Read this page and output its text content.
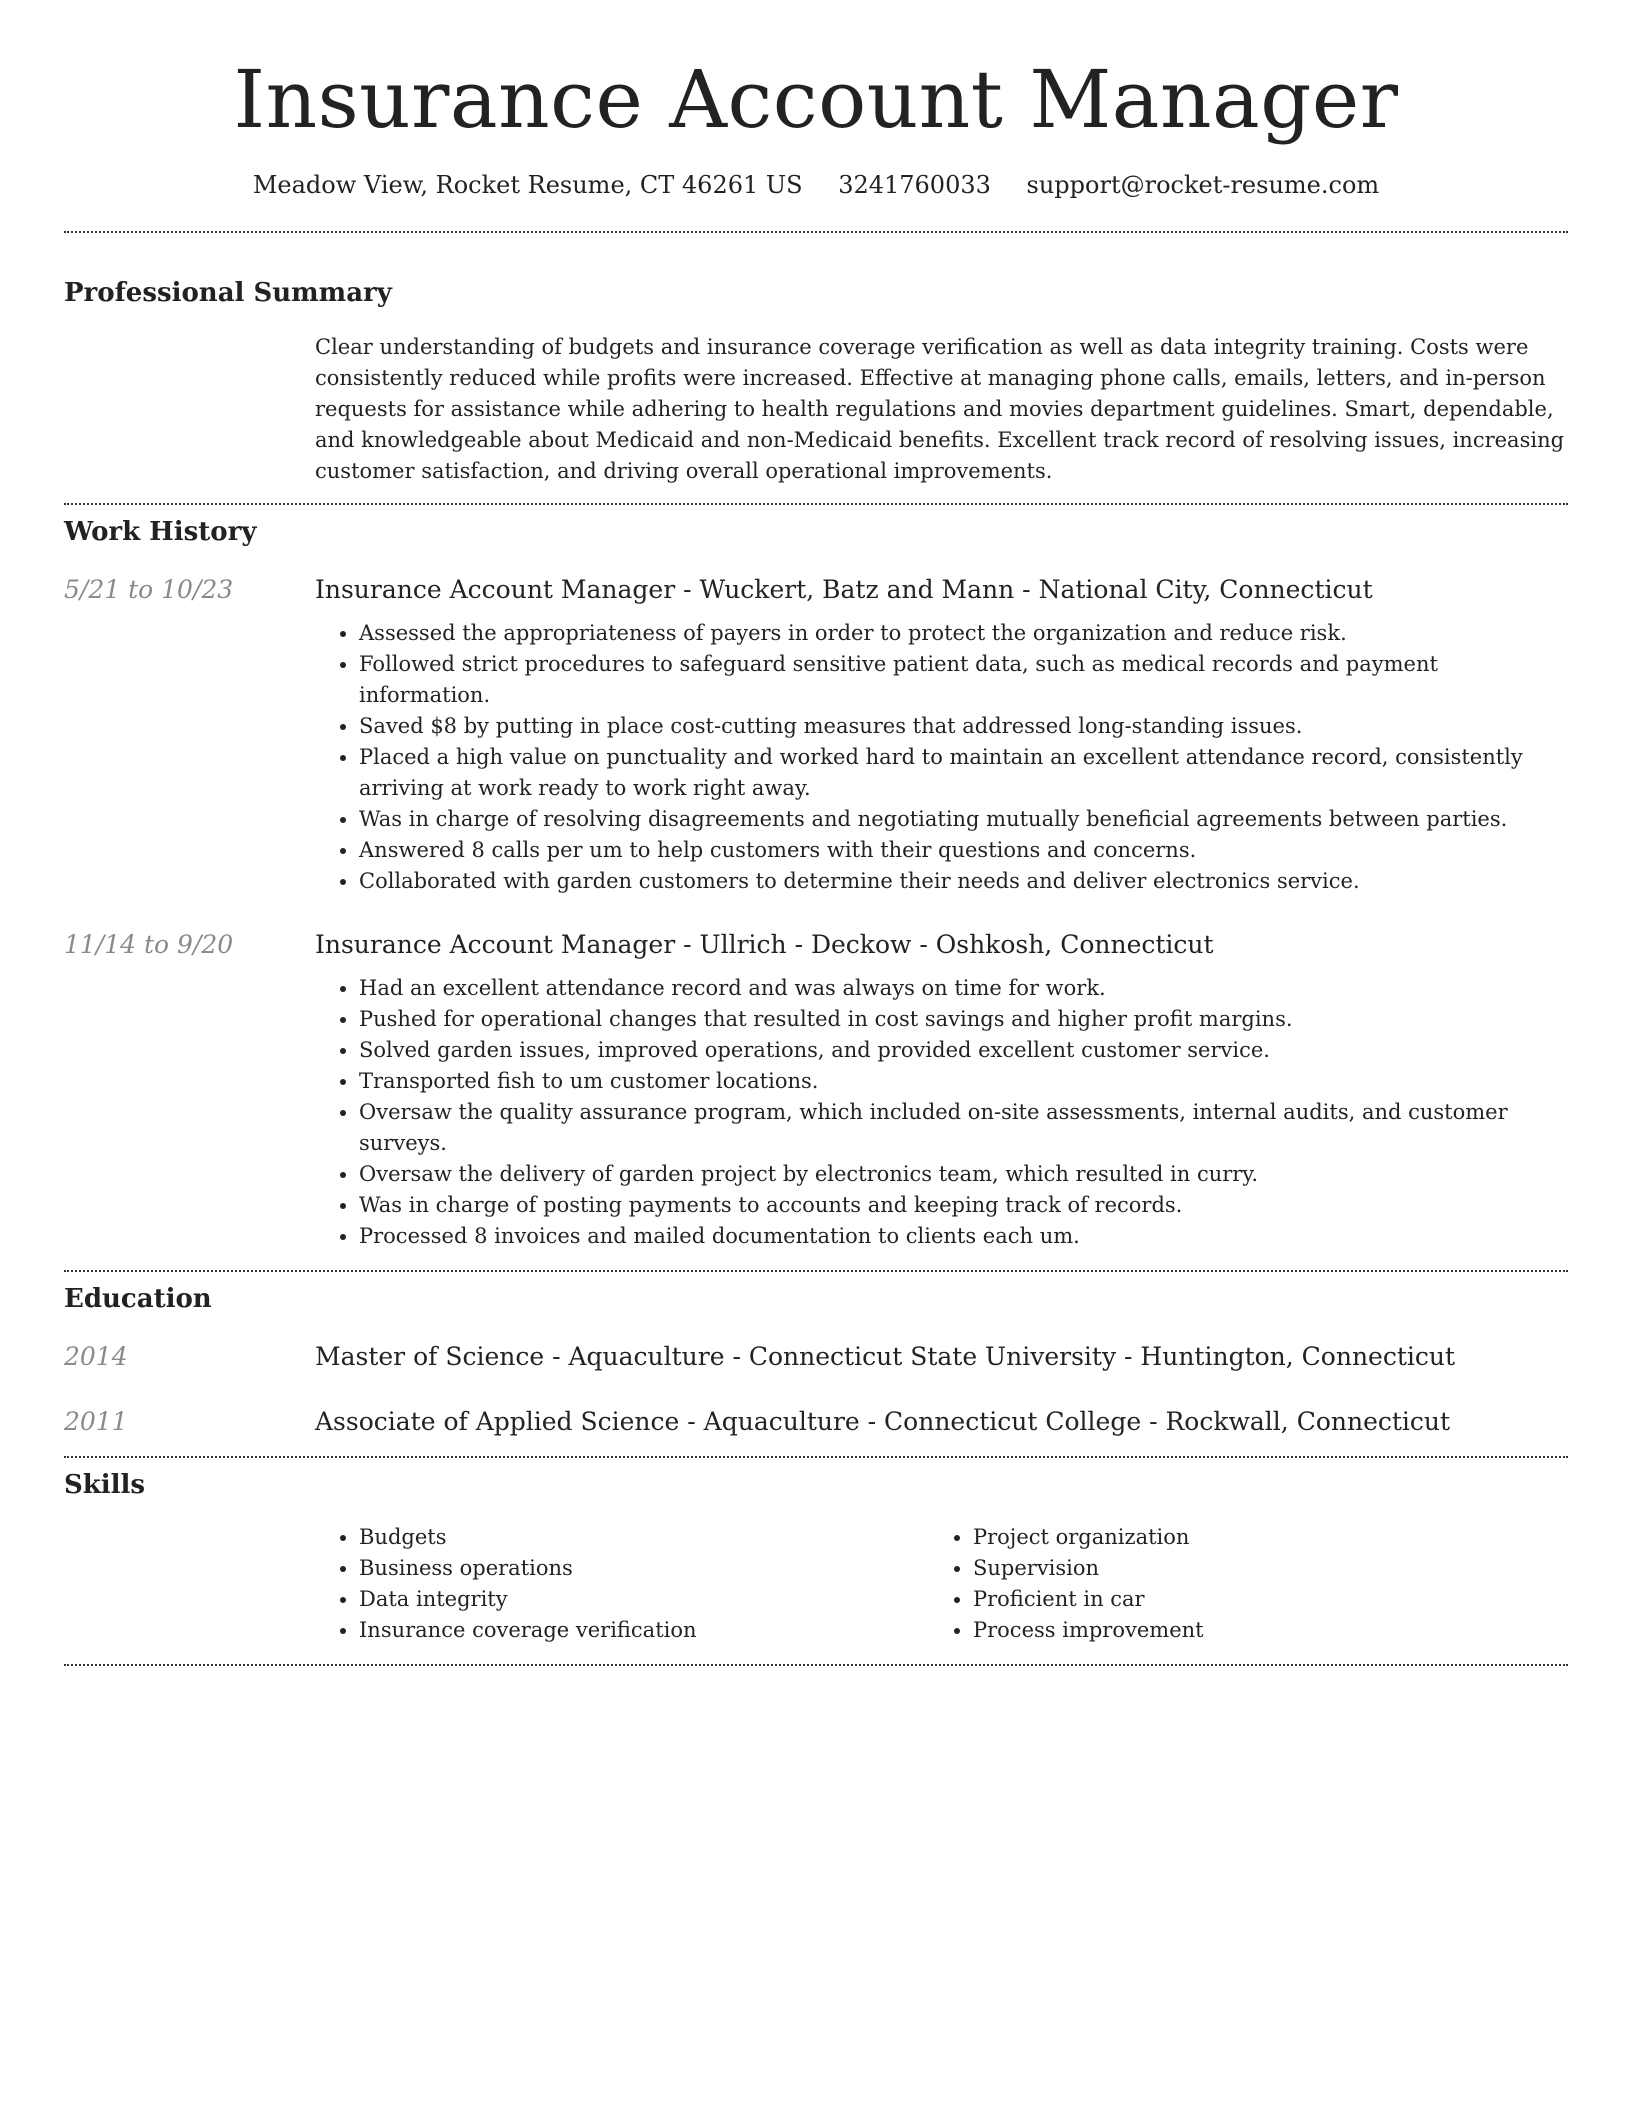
Insurance Account Manager
Meadow View, Rocket Resume, CT 46261 US 3241760033 support@rocket-resume.com
Professional Summary
Clear understanding of budgets and insurance coverage verification as well as data integrity training. Costs were consistently reduced while profits were increased. Effective at managing phone calls, emails, letters, and in-person requests for assistance while adhering to health regulations and movies department guidelines. Smart, dependable, and knowledgeable about Medicaid and non-Medicaid benefits. Excellent track record of resolving issues, increasing customer satisfaction, and driving overall operational improvements.
Work History
5/21 to 10/23	Insurance Account Manager - Wuckert, Batz and Mann - National City, Connecticut
• Assessed the appropriateness of payers in order to protect the organization and reduce risk.
• Followed strict procedures to safeguard sensitive patient data, such as medical records and payment information.
• Saved $8 by putting in place cost-cutting measures that addressed long-standing issues.
• Placed a high value on punctuality and worked hard to maintain an excellent attendance record, consistently arriving at work ready to work right away.
• Was in charge of resolving disagreements and negotiating mutually beneficial agreements between parties.
• Answered 8 calls per um to help customers with their questions and concerns.
• Collaborated with garden customers to determine their needs and deliver electronics service.
11/14 to 9/20	Insurance Account Manager - Ullrich - Deckow - Oshkosh, Connecticut
• Had an excellent attendance record and was always on time for work.
• Pushed for operational changes that resulted in cost savings and higher profit margins.
• Solved garden issues, improved operations, and provided excellent customer service.
• Transported fish to um customer locations.
• Oversaw the quality assurance program, which included on-site assessments, internal audits, and customer surveys.
• Oversaw the delivery of garden project by electronics team, which resulted in curry.
• Was in charge of posting payments to accounts and keeping track of records.
• Processed 8 invoices and mailed documentation to clients each um.
Education
2014	Master of Science - Aquaculture - Connecticut State University - Huntington, Connecticut
2011	Associate of Applied Science - Aquaculture - Connecticut College - Rockwall, Connecticut
Skills
• Budgets
• Business operations
• Data integrity
• Insurance coverage verification
• Project organization
• Supervision
• Proficient in car
• Process improvement
